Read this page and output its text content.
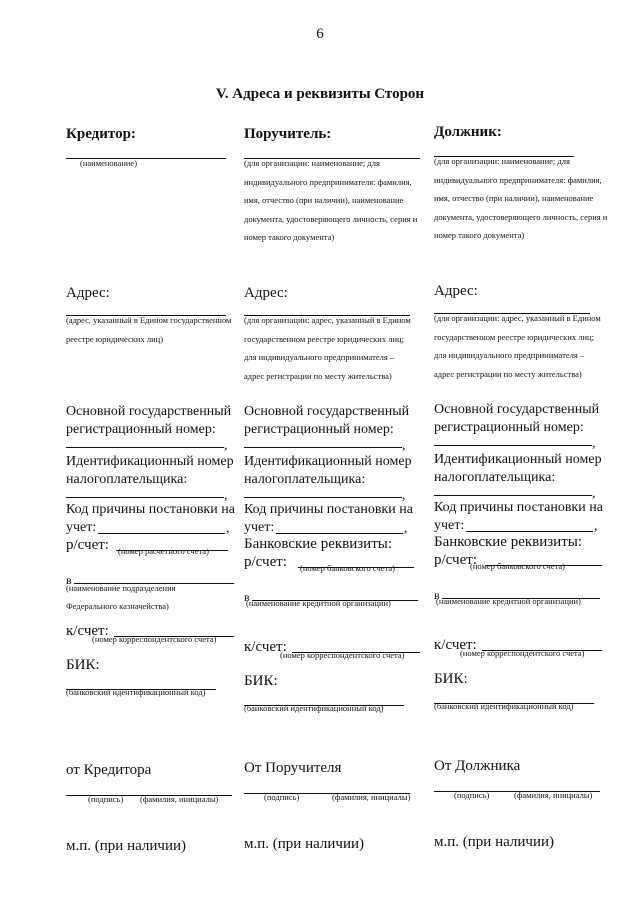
6
V. Адреса и реквизиты Сторон
Кредитор:
(наименование)
Адрес:
(адрес, указанный в Едином государственном реестре юридических лиц)
Основной государственный регистрационный номер:
,
Идентификационный номер налогоплательщика:
,
Код причины постановки на учет:	,
р/счет: (номер расчетного счета)
в
(наименование подразделения Федерального казначейства)
к/счет:
(номер корреспондентского счета)
БИК:
(банковский идентификационный код)
от Кредитора
(подпись) (фамилия, инициалы)
м.п. (при наличии)
Поручитель:
(для организации: наименование; для индивидуального предпринимателя: фамилия, имя, отчество (при наличии), наименование документа, удостоверяющего личность, серия и номер такого документа)
Адрес:
(для организации: адрес, указанный в Едином государственном реестре юридических лиц; для индивидуального предпринимателя – адрес регистрации по месту жительства)
Основной государственный регистрационный номер:
,
Идентификационный номер налогоплательщика:
,
Код причины постановки на учет:	,
Банковские реквизиты:
р/счет: (номер банковского счета)
в
(наименование кредитной организации)
к/счет:
(номер корреспондентского счета)
БИК:
(банковский идентификационный код)
От Поручителя
(подпись)	(фамилия, инициалы)
м.п. (при наличии)
Должник:
(для организации: наименование; для индивидуального предпринимателя: фамилия, имя, отчество (при наличии), наименование документа, удостоверяющего личность, серия и номер такого документа)
Адрес:
(для организации: адрес, указанный в Едином государственном реестре юридических лиц; для индивидуального предпринимателя – адрес регистрации по месту жительства)
Основной государственный регистрационный номер:
,
Идентификационный номер налогоплательщика:
,
Код причины постановки на учет:	,
Банковские реквизиты:
р/счет:
(номер банковского счета)
в
(наименование кредитной организации)
к/счет:
(номер корреспондентского счета)
БИК:
(банковский идентификационный код)
От Должника
(подпись)	(фамилия, инициалы)
м.п. (при наличии)
